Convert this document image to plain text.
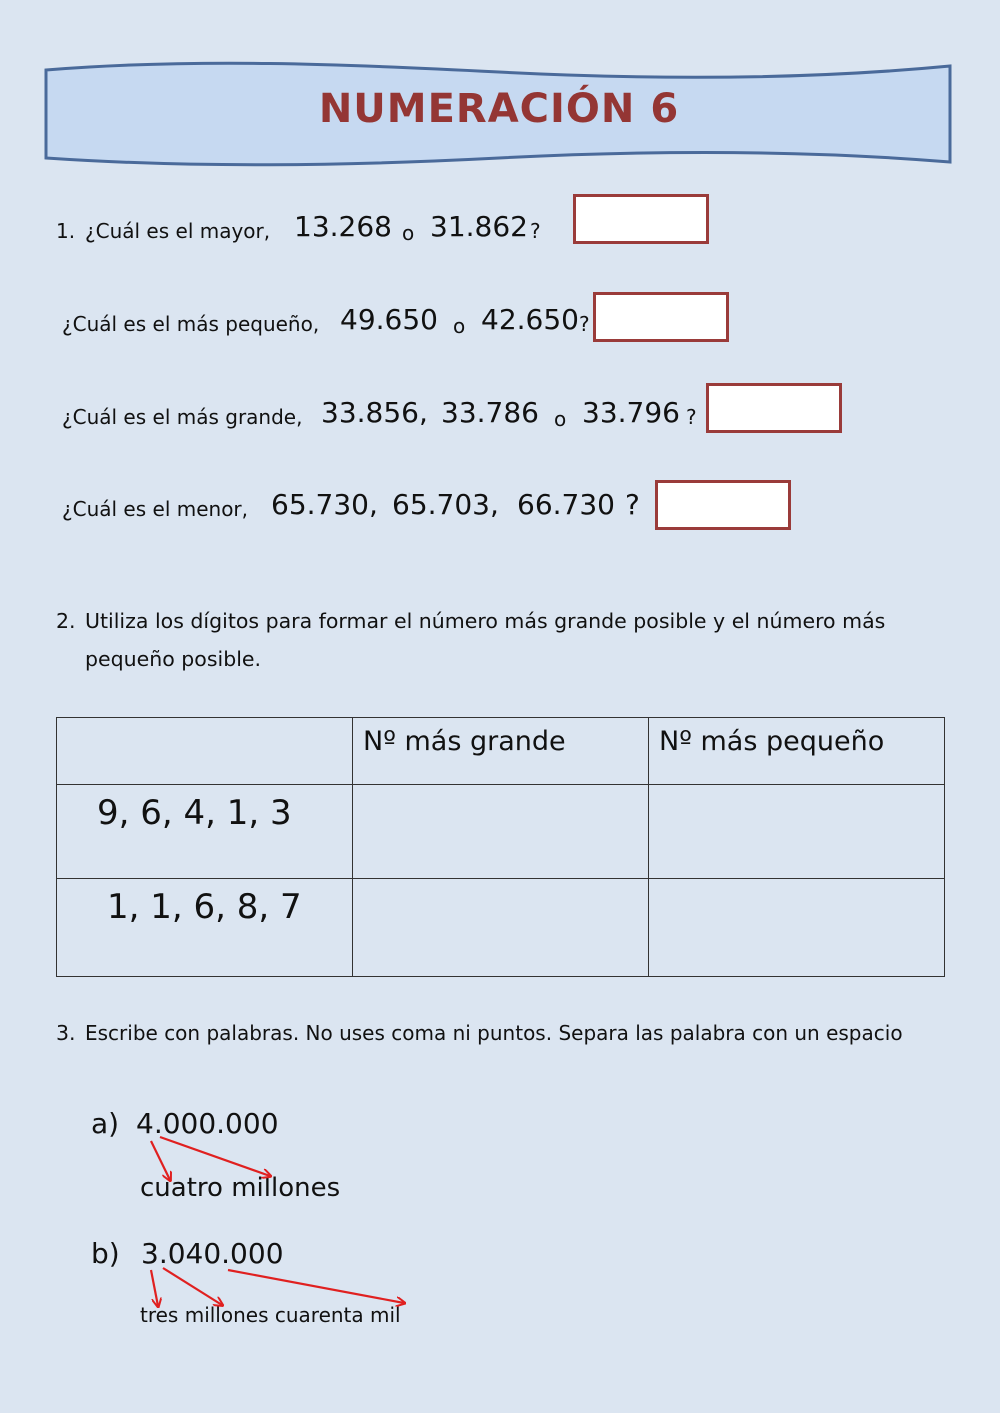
NUMERACIÓN 6
1. ¿Cuál es el mayor, 13.268 o 31.862 ?
¿Cuál es el más pequeño, 49.650 o 42.650 ?
¿Cuál es el más grande, 33.856, 33.786 o 33.796 ?
¿Cuál es el menor, 65.730, 65.703, 66.730 ?
2. Utiliza los dígitos para formar el número más grande posible y el número más
pequeño posible.
	Nº más grande	Nº más pequeño
9, 6, 4, 1, 3		
1, 1, 6, 8, 7		
3. Escribe con palabras. No uses coma ni puntos. Separa las palabra con un espacio
a) 4.000.000
cuatro millones
b) 3.040.000
tres millones cuarenta mil
